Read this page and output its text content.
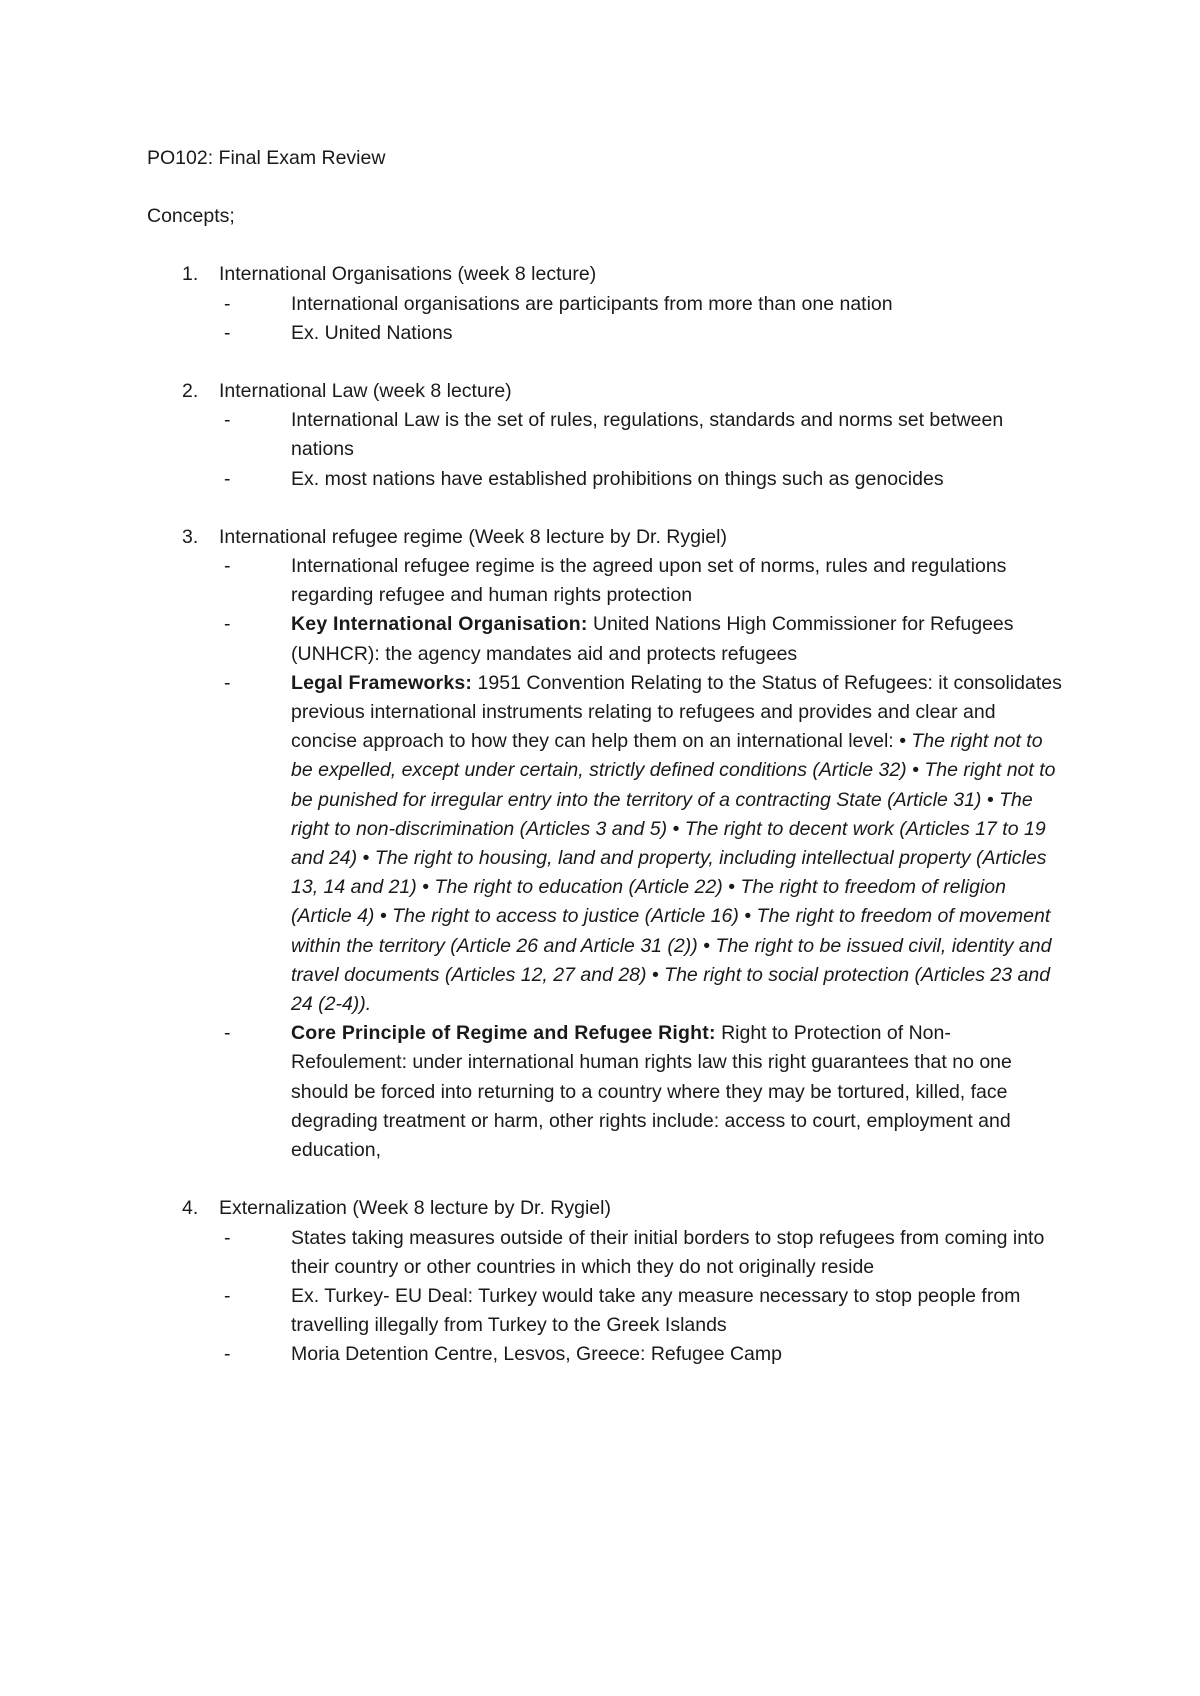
PO102: Final Exam Review

Concepts;

1.	International Organisations (week 8 lecture)
-	International organisations are participants from more than one nation
-	Ex. United Nations
2.	International Law (week 8 lecture)
-	International Law is the set of rules, regulations, standards and norms set between nations
-	Ex. most nations have established prohibitions on things such as genocides
3.	International refugee regime (Week 8 lecture by Dr. Rygiel)
-	International refugee regime is the agreed upon set of norms, rules and regulations regarding refugee and human rights protection
-	Key International Organisation: United Nations High Commissioner for Refugees (UNHCR): the agency mandates aid and protects refugees
-	Legal Frameworks: 1951 Convention Relating to the Status of Refugees: it consolidates previous international instruments relating to refugees and provides and clear and concise approach to how they can help them on an international level: • The right not to be expelled, except under certain, strictly defined conditions (Article 32) • The right not to be punished for irregular entry into the territory of a contracting State (Article 31) • The right to non-discrimination (Articles 3 and 5) • The right to decent work (Articles 17 to 19 and 24) • The right to housing, land and property, including intellectual property (Articles 13, 14 and 21) • The right to education (Article 22) • The right to freedom of religion (Article 4) • The right to access to justice (Article 16) • The right to freedom of movement within the territory (Article 26 and Article 31 (2)) • The right to be issued civil, identity and travel documents (Articles 12, 27 and 28) • The right to social protection (Articles 23 and 24 (2-4)).
-	Core Principle of Regime and Refugee Right: Right to Protection of Non-Refoulement: under international human rights law this right guarantees that no one should be forced into returning to a country where they may be tortured, killed, face degrading treatment or harm, other rights include: access to court, employment and education,
4.	Externalization (Week 8 lecture by Dr. Rygiel)
-	States taking measures outside of their initial borders to stop refugees from coming into their country or other countries in which they do not originally reside
-	Ex. Turkey- EU Deal: Turkey would take any measure necessary to stop people from travelling illegally from Turkey to the Greek Islands
-	Moria Detention Centre, Lesvos, Greece: Refugee Camp
